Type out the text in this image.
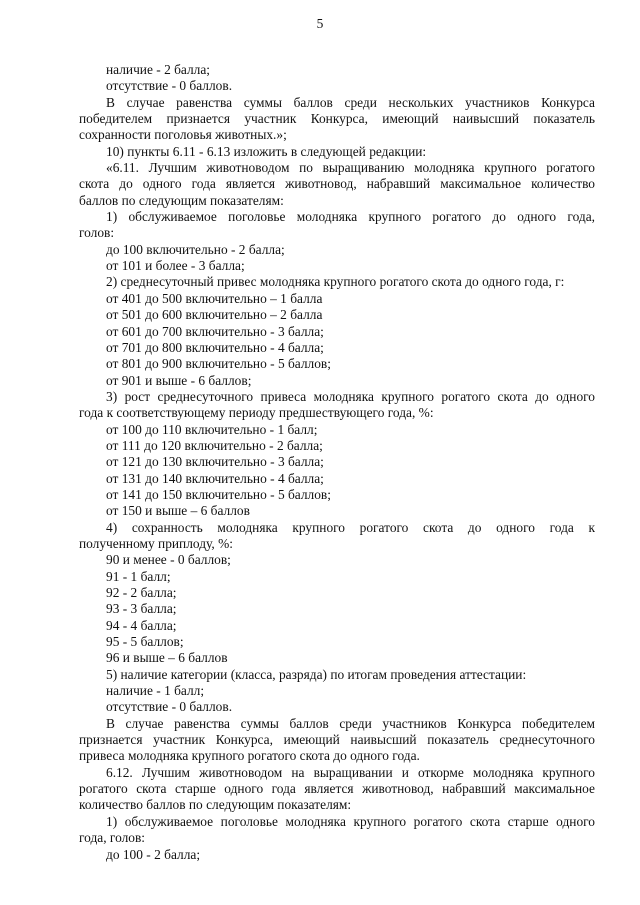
5
наличие - 2 балла;
отсутствие - 0 баллов.
В случае равенства суммы баллов среди нескольких участников Конкурса
победителем признается участник Конкурса, имеющий наивысший показатель
сохранности поголовья животных.»;
10) пункты 6.11 - 6.13 изложить в следующей редакции:
«6.11. Лучшим животноводом по выращиванию молодняка крупного рогатого
скота до одного года является животновод, набравший максимальное количество
баллов по следующим показателям:
1) обслуживаемое поголовье молодняка крупного рогатого до одного года,
голов:
до 100 включительно - 2 балла;
от 101 и более - 3 балла;
2) среднесуточный привес молодняка крупного рогатого скота до одного года, г:
от 401 до 500 включительно – 1 балла
от 501 до 600 включительно – 2 балла
от 601 до 700 включительно - 3 балла;
от 701 до 800 включительно - 4 балла;
от 801 до 900 включительно - 5 баллов;
от 901 и выше - 6 баллов;
3) рост среднесуточного привеса молодняка крупного рогатого скота до одного
года к соответствующему периоду предшествующего года, %:
от 100 до 110 включительно - 1 балл;
от 111 до 120 включительно - 2 балла;
от 121 до 130 включительно - 3 балла;
от 131 до 140 включительно - 4 балла;
от 141 до 150 включительно - 5 баллов;
от 150 и выше – 6 баллов
4) сохранность молодняка крупного рогатого скота до одного года к
полученному приплоду, %:
90 и менее - 0 баллов;
91 - 1 балл;
92 - 2 балла;
93 - 3 балла;
94 - 4 балла;
95 - 5 баллов;
96 и выше – 6 баллов
5) наличие категории (класса, разряда) по итогам проведения аттестации:
наличие - 1 балл;
отсутствие - 0 баллов.
В случае равенства суммы баллов среди участников Конкурса победителем
признается участник Конкурса, имеющий наивысший показатель среднесуточного
привеса молодняка крупного рогатого скота до одного года.
6.12. Лучшим животноводом на выращивании и откорме молодняка крупного
рогатого скота старше одного года является животновод, набравший максимальное
количество баллов по следующим показателям:
1) обслуживаемое поголовье молодняка крупного рогатого скота старше одного
года, голов:
до 100 - 2 балла;
